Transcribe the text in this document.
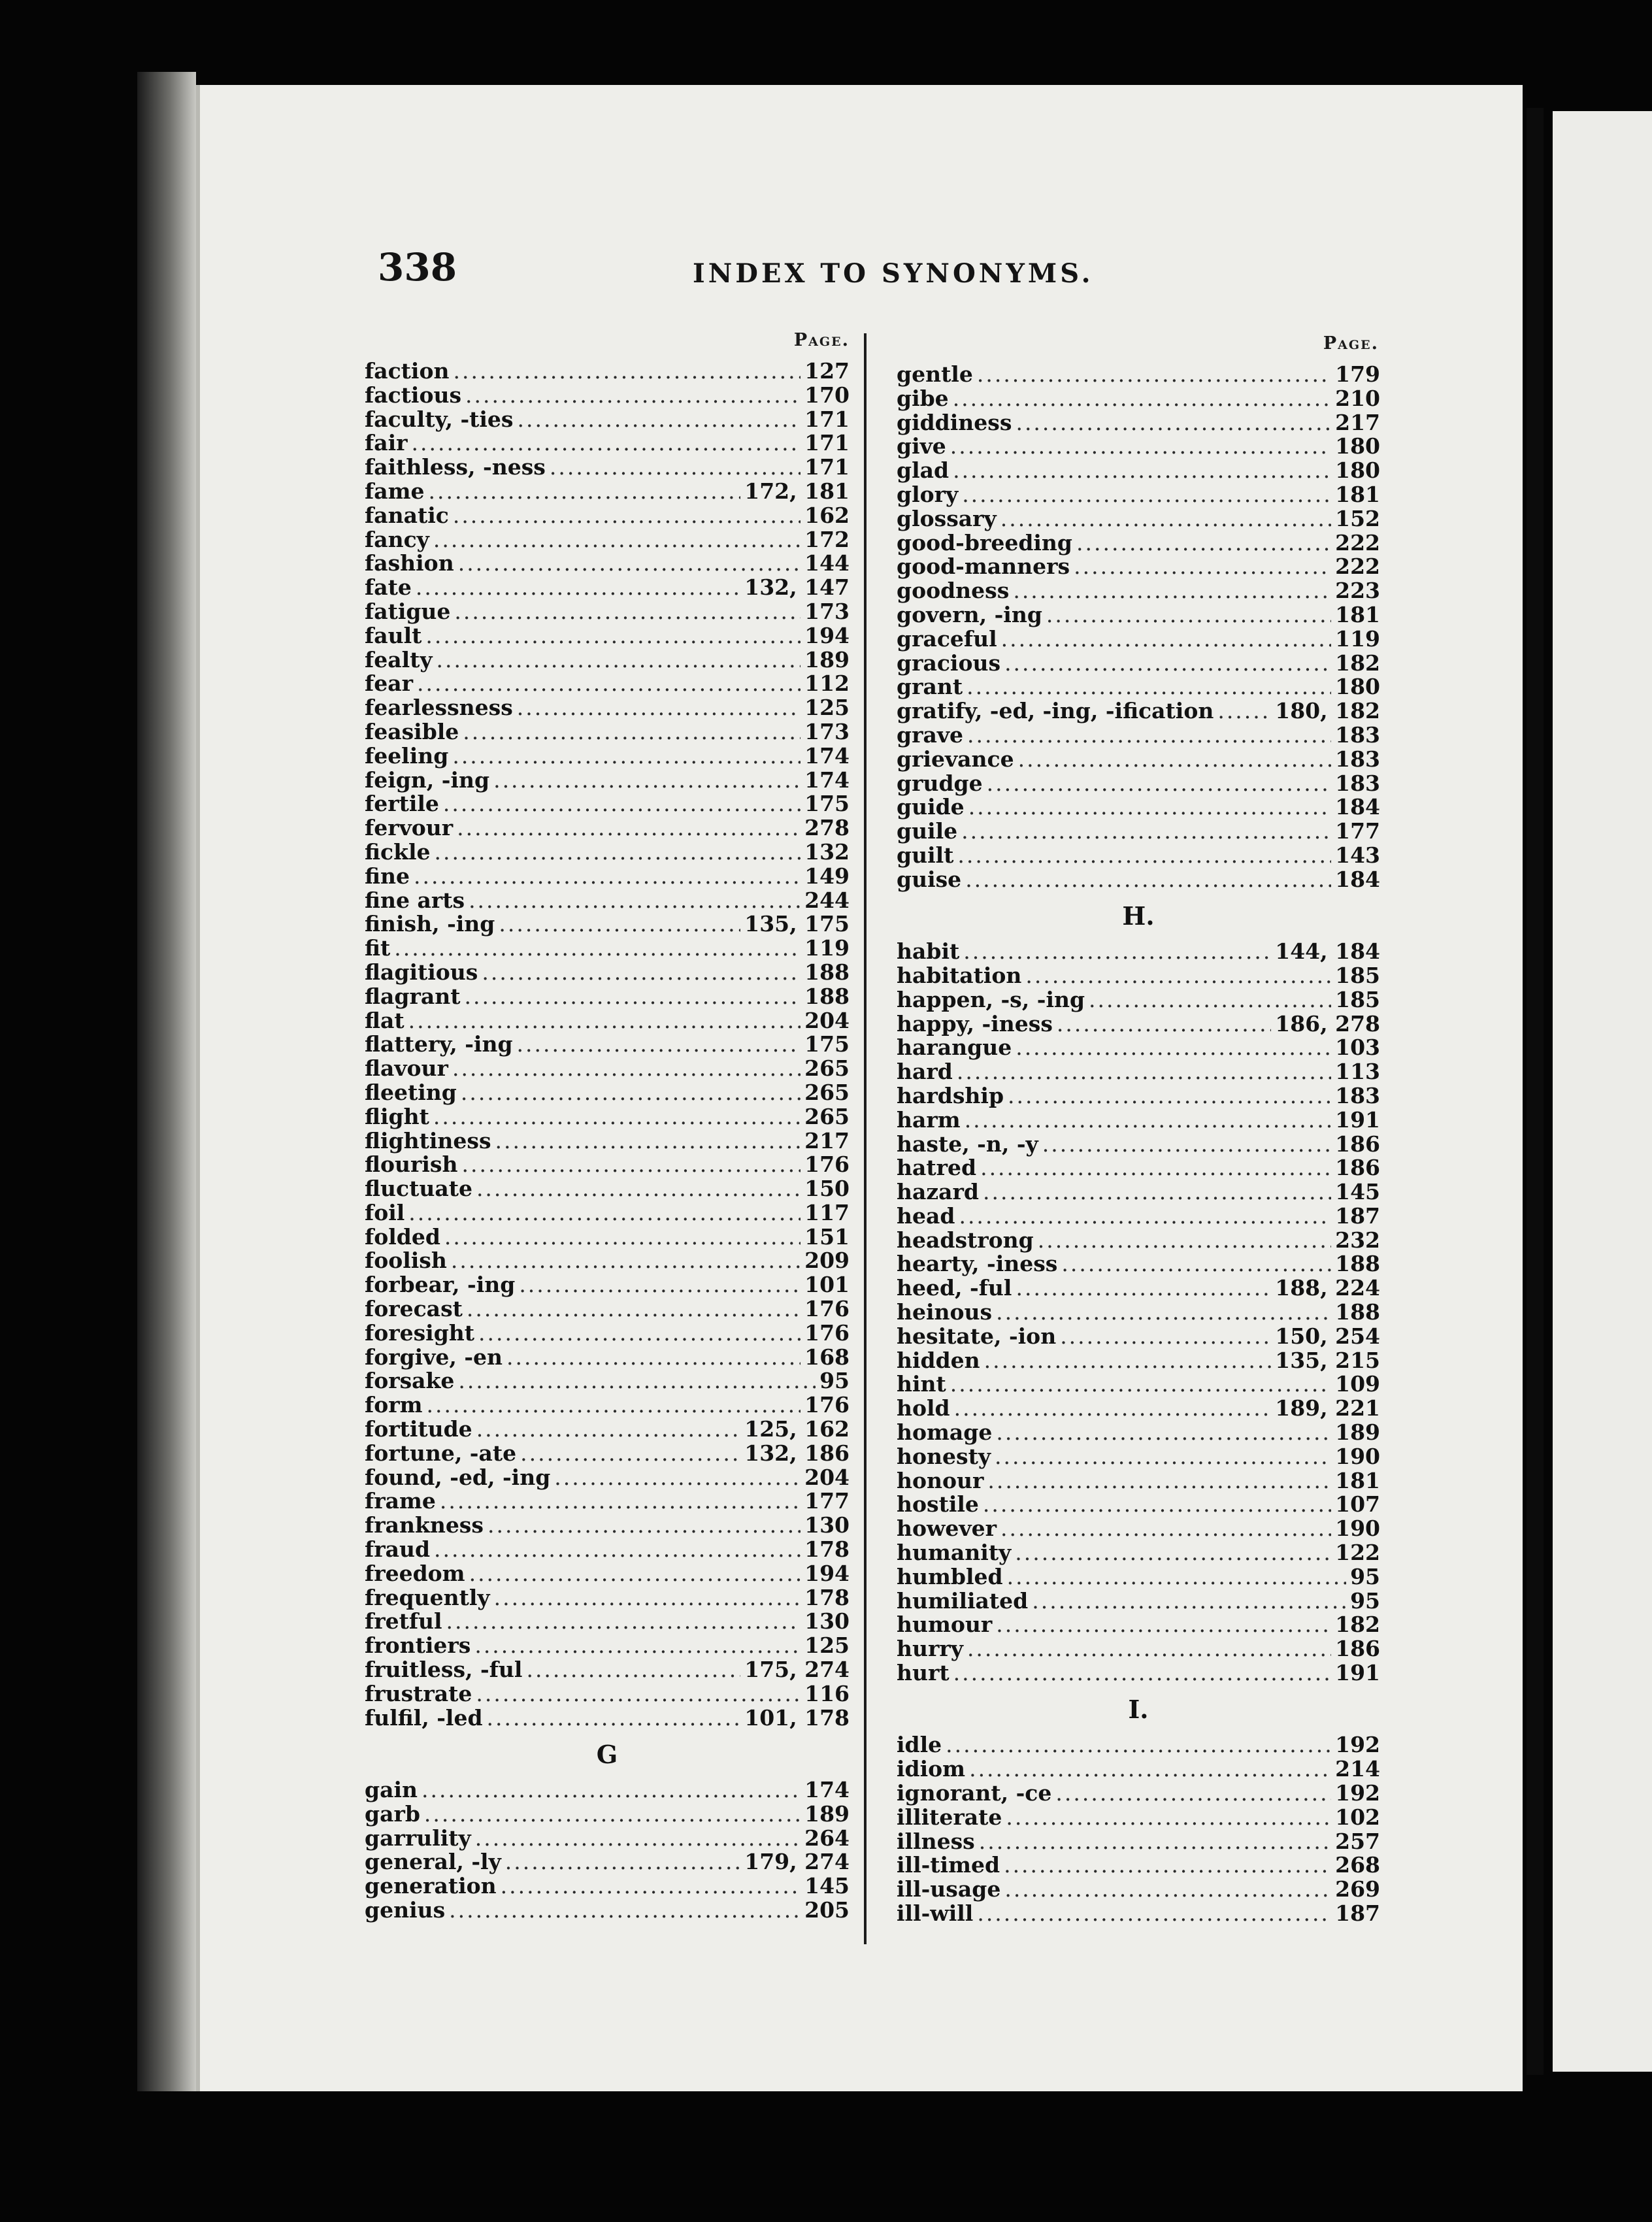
338	INDEX TO SYNONYMS.
Page.	Page.
faction .....	127
factious .....	170
faculty, -ties .....	171
fair .....	171
faithless, -ness .....	171
fame .....	172, 181
fanatic .....	162
fancy .....	172
fashion .....	144
fate .....	132, 147
fatigue .....	173
fault .....	194
fealty .....	189
fear .....	112
fearlessness .....	125
feasible .....	173
feeling .....	174
feign, -ing .....	174
fertile .....	175
fervour .....	278
fickle .....	132
fine .....	149
fine arts .....	244
finish, -ing .....	135, 175
fit .....	119
flagitious .....	188
flagrant .....	188
flat .....	204
flattery, -ing .....	175
flavour .....	265
fleeting .....	265
flight .....	265
flightiness .....	217
flourish .....	176
fluctuate .....	150
foil .....	117
folded .....	151
foolish .....	209
forbear, -ing .....	101
forecast .....	176
foresight .....	176
forgive, -en .....	168
forsake .....	95
form .....	176
fortitude .....	125, 162
fortune, -ate .....	132, 186
found, -ed, -ing .....	204
frame .....	177
frankness .....	130
fraud .....	178
freedom .....	194
frequently .....	178
fretful .....	130
frontiers .....	125
fruitless, -ful .....	175, 274
frustrate .....	116
fulfil, -led .....	101, 178
G
gain .....	174
garb .....	189
garrulity .....	264
general, -ly .....	179, 274
generation .....	145
genius .....	205
gentle .....	179
gibe .....	210
giddiness .....	217
give .....	180
glad .....	180
glory .....	181
glossary .....	152
good-breeding .....	222
good-manners .....	222
goodness .....	223
govern, -ing .....	181
graceful .....	119
gracious .....	182
grant .....	180
gratify, -ed, -ing, -ification .....	180, 182
grave .....	183
grievance .....	183
grudge .....	183
guide .....	184
guile .....	177
guilt .....	143
guise .....	184
H.
habit .....	144, 184
habitation .....	185
happen, -s, -ing .....	185
happy, -iness .....	186, 278
harangue .....	103
hard .....	113
hardship .....	183
harm .....	191
haste, -n, -y .....	186
hatred .....	186
hazard .....	145
head .....	187
headstrong .....	232
hearty, -iness .....	188
heed, -ful .....	188, 224
heinous .....	188
hesitate, -ion .....	150, 254
hidden .....	135, 215
hint .....	109
hold .....	189, 221
homage .....	189
honesty .....	190
honour .....	181
hostile .....	107
however .....	190
humanity .....	122
humbled .....	95
humiliated .....	95
humour .....	182
hurry .....	186
hurt .....	191
I.
idle .....	192
idiom .....	214
ignorant, -ce .....	192
illiterate .....	102
illness .....	257
ill-timed .....	268
ill-usage .....	269
ill-will .....	187
